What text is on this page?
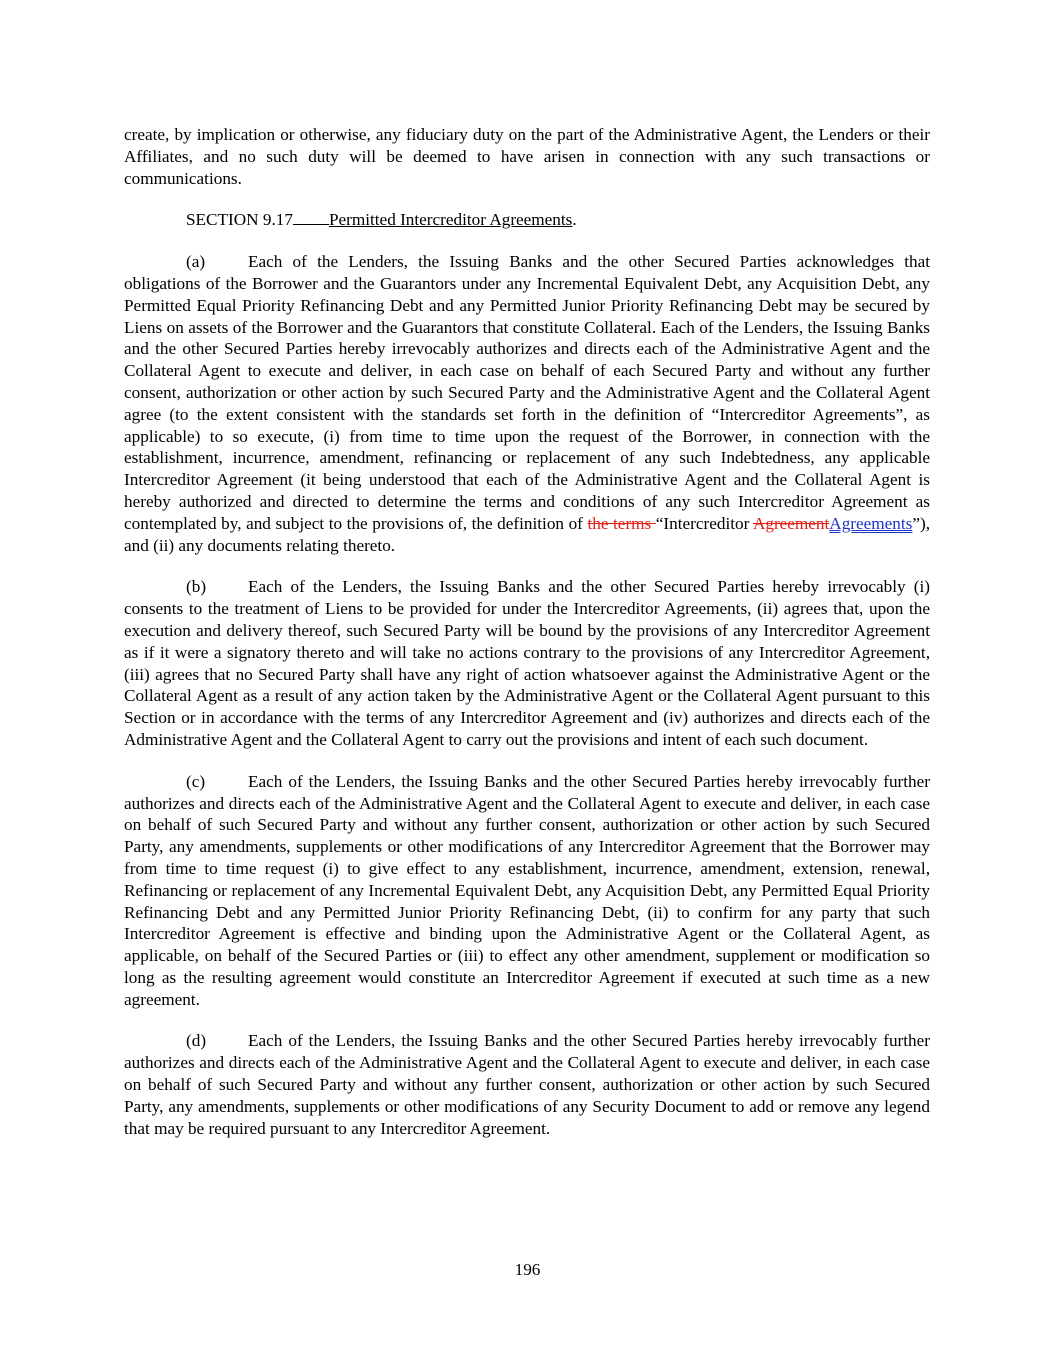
create, by implication or otherwise, any fiduciary duty on the part of the Administrative Agent, the Lenders or their Affiliates, and no such duty will be deemed to have arisen in connection with any such transactions or communications.

SECTION 9.17 Permitted Intercreditor Agreements.

(a) Each of the Lenders, the Issuing Banks and the other Secured Parties acknowledges that obligations of the Borrower and the Guarantors under any Incremental Equivalent Debt, any Acquisition Debt, any Permitted Equal Priority Refinancing Debt and any Permitted Junior Priority Refinancing Debt may be secured by Liens on assets of the Borrower and the Guarantors that constitute Collateral. Each of the Lenders, the Issuing Banks and the other Secured Parties hereby irrevocably authorizes and directs each of the Administrative Agent and the Collateral Agent to execute and deliver, in each case on behalf of each Secured Party and without any further consent, authorization or other action by such Secured Party and the Administrative Agent and the Collateral Agent agree (to the extent consistent with the standards set forth in the definition of “Intercreditor Agreements”, as applicable) to so execute, (i) from time to time upon the request of the Borrower, in connection with the establishment, incurrence, amendment, refinancing or replacement of any such Indebtedness, any applicable Intercreditor Agreement (it being understood that each of the Administrative Agent and the Collateral Agent is hereby authorized and directed to determine the terms and conditions of any such Intercreditor Agreement as contemplated by, and subject to the provisions of, the definition of the terms “Intercreditor AgreementAgreements”), and (ii) any documents relating thereto.

(b) Each of the Lenders, the Issuing Banks and the other Secured Parties hereby irrevocably (i) consents to the treatment of Liens to be provided for under the Intercreditor Agreements, (ii) agrees that, upon the execution and delivery thereof, such Secured Party will be bound by the provisions of any Intercreditor Agreement as if it were a signatory thereto and will take no actions contrary to the provisions of any Intercreditor Agreement, (iii) agrees that no Secured Party shall have any right of action whatsoever against the Administrative Agent or the Collateral Agent as a result of any action taken by the Administrative Agent or the Collateral Agent pursuant to this Section or in accordance with the terms of any Intercreditor Agreement and (iv) authorizes and directs each of the Administrative Agent and the Collateral Agent to carry out the provisions and intent of each such document.

(c) Each of the Lenders, the Issuing Banks and the other Secured Parties hereby irrevocably further authorizes and directs each of the Administrative Agent and the Collateral Agent to execute and deliver, in each case on behalf of such Secured Party and without any further consent, authorization or other action by such Secured Party, any amendments, supplements or other modifications of any Intercreditor Agreement that the Borrower may from time to time request (i) to give effect to any establishment, incurrence, amendment, extension, renewal, Refinancing or replacement of any Incremental Equivalent Debt, any Acquisition Debt, any Permitted Equal Priority Refinancing Debt and any Permitted Junior Priority Refinancing Debt, (ii) to confirm for any party that such Intercreditor Agreement is effective and binding upon the Administrative Agent or the Collateral Agent, as applicable, on behalf of the Secured Parties or (iii) to effect any other amendment, supplement or modification so long as the resulting agreement would constitute an Intercreditor Agreement if executed at such time as a new agreement.

(d) Each of the Lenders, the Issuing Banks and the other Secured Parties hereby irrevocably further authorizes and directs each of the Administrative Agent and the Collateral Agent to execute and deliver, in each case on behalf of such Secured Party and without any further consent, authorization or other action by such Secured Party, any amendments, supplements or other modifications of any Security Document to add or remove any legend that may be required pursuant to any Intercreditor Agreement.

196
